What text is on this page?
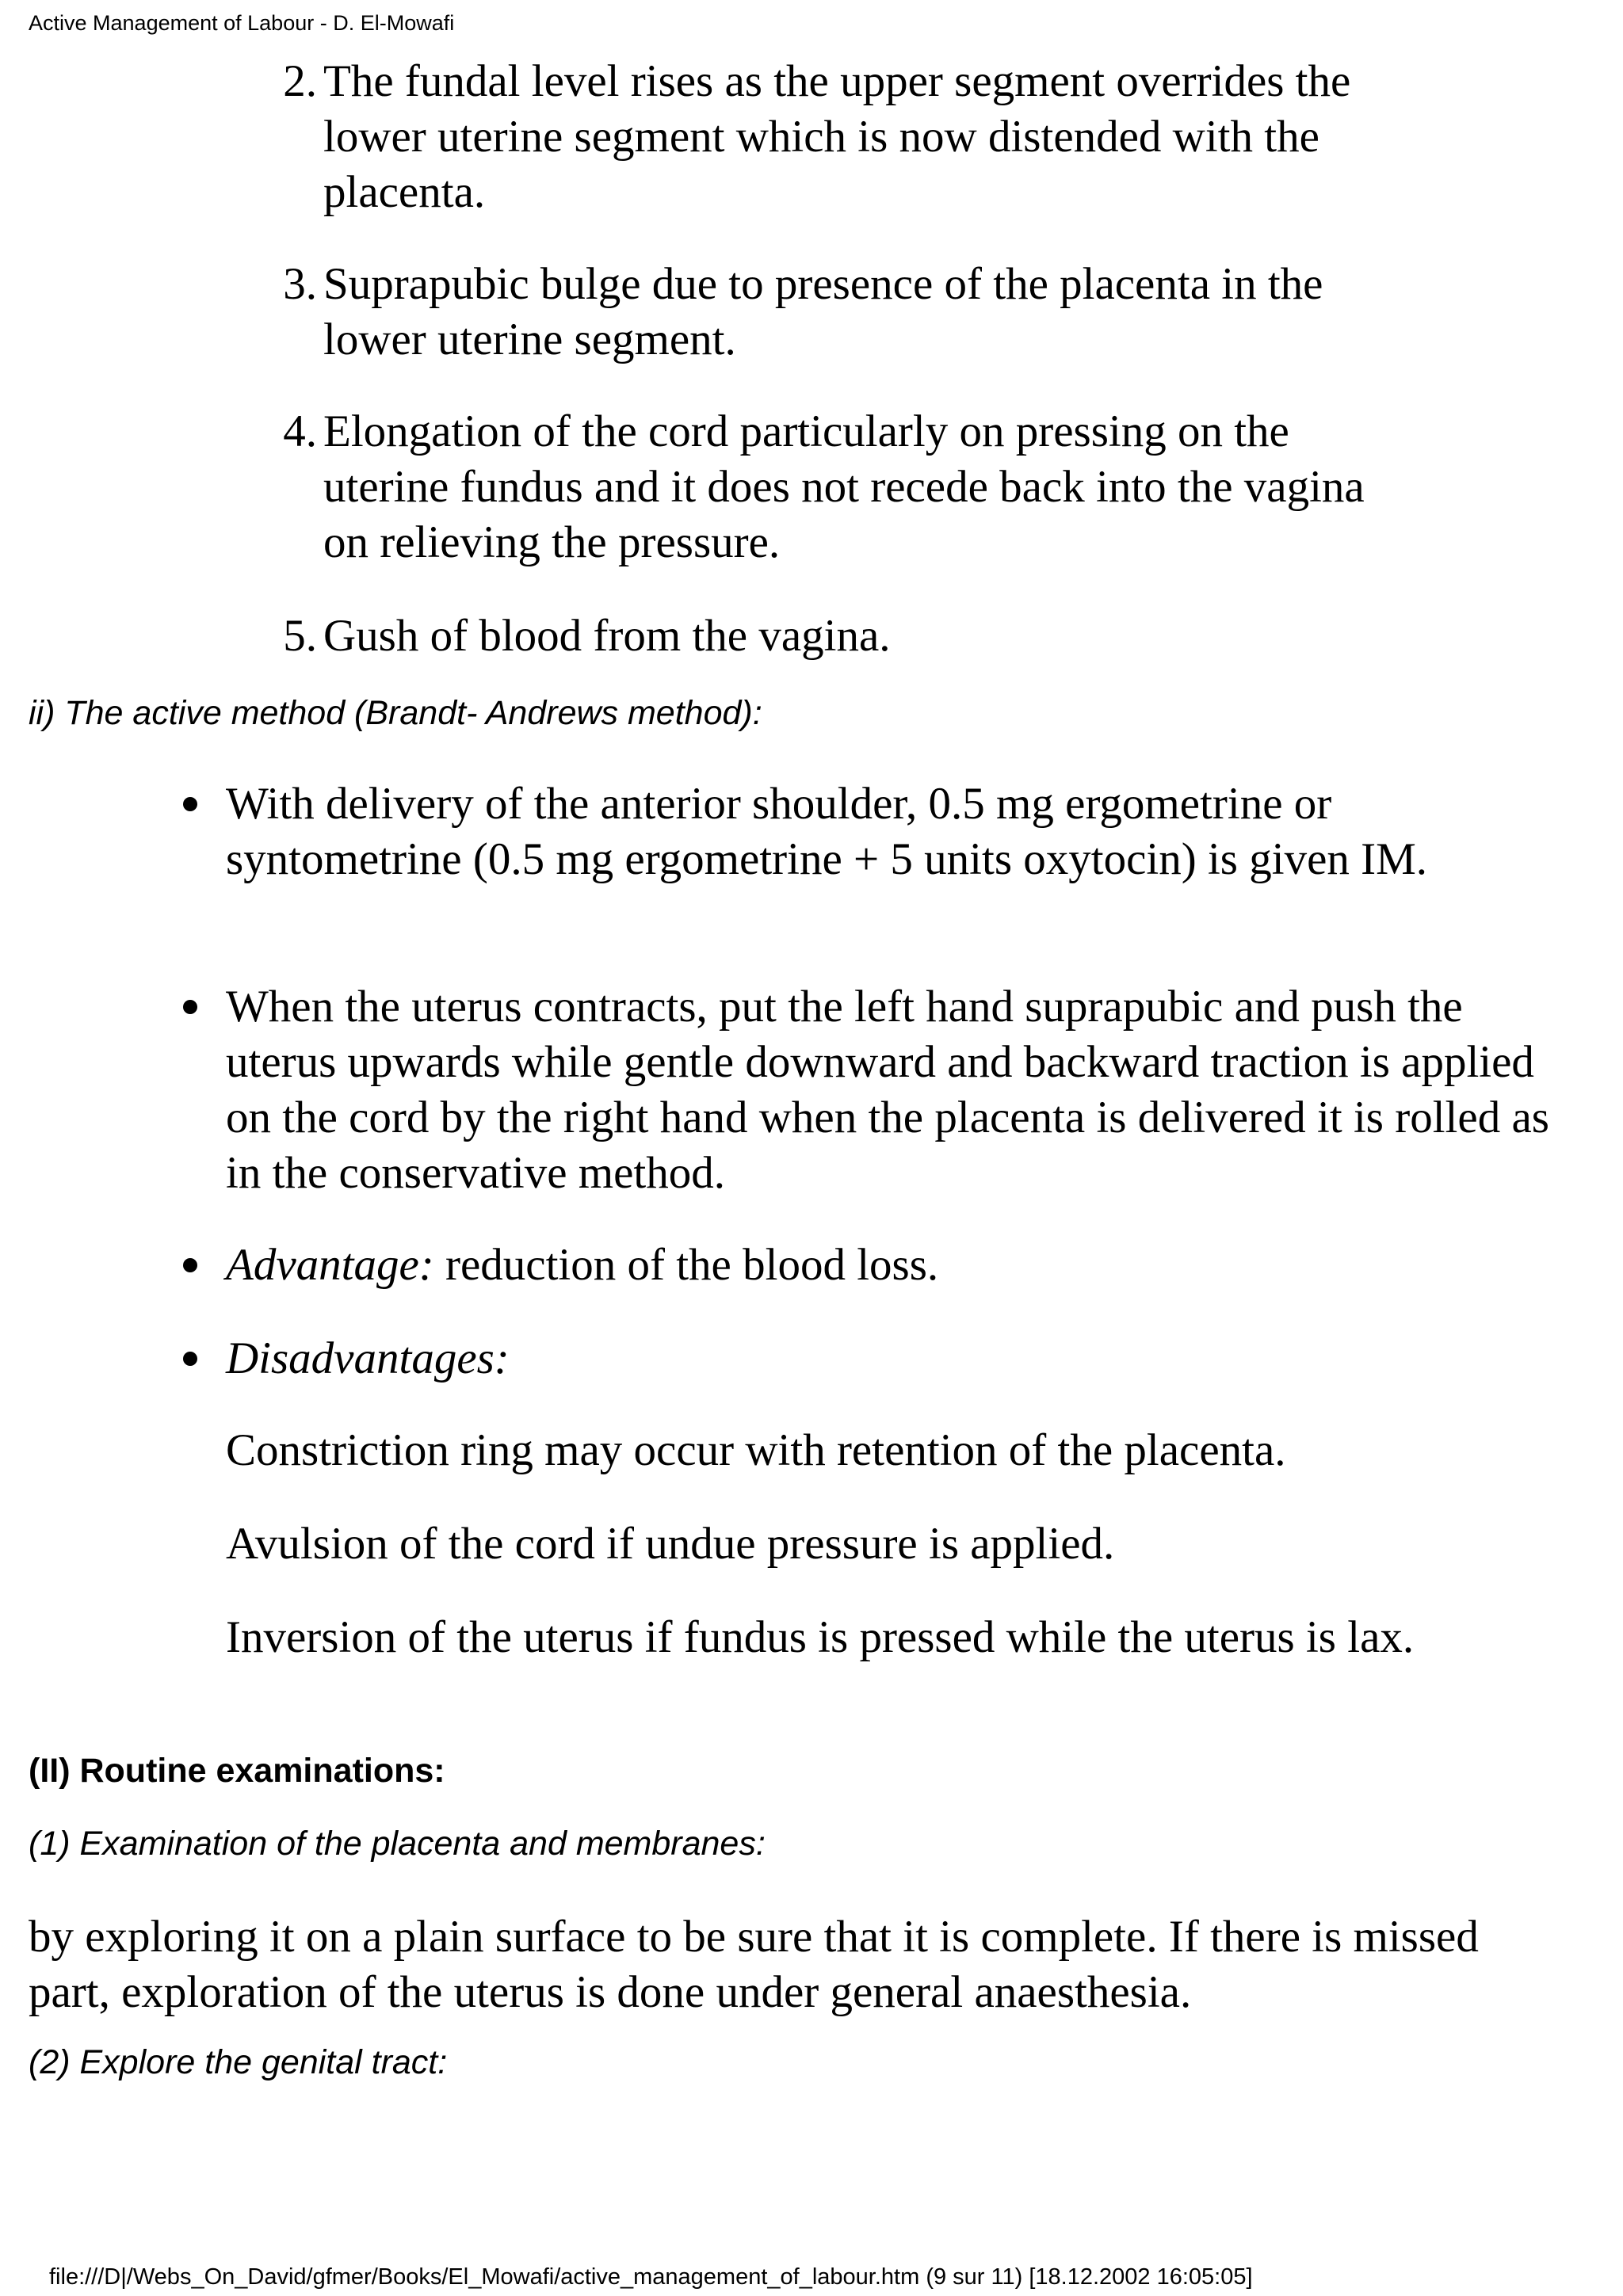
Active Management of Labour - D. El-Mowafi
2. The fundal level rises as the upper segment overrides the lower uterine segment which is now distended with the placenta.
3. Suprapubic bulge due to presence of the placenta in the lower uterine segment.
4. Elongation of the cord particularly on pressing on the uterine fundus and it does not recede back into the vagina on relieving the pressure.
5. Gush of blood from the vagina.
ii) The active method (Brandt- Andrews method):
With delivery of the anterior shoulder, 0.5 mg ergometrine or syntometrine (0.5 mg ergometrine + 5 units oxytocin) is given IM.
When the uterus contracts, put the left hand suprapubic and push the uterus upwards while gentle downward and backward traction is applied on the cord by the right hand when the placenta is delivered it is rolled as in the conservative method.
Advantage: reduction of the blood loss.
Disadvantages:
Constriction ring may occur with retention of the placenta.
Avulsion of the cord if undue pressure is applied.
Inversion of the uterus if fundus is pressed while the uterus is lax.
(II) Routine examinations:
(1) Examination of the placenta and membranes:
by exploring it on a plain surface to be sure that it is complete. If there is missed part, exploration of the uterus is done under general anaesthesia.
(2) Explore the genital tract:
file:///D|/Webs_On_David/gfmer/Books/El_Mowafi/active_management_of_labour.htm (9 sur 11) [18.12.2002 16:05:05]
